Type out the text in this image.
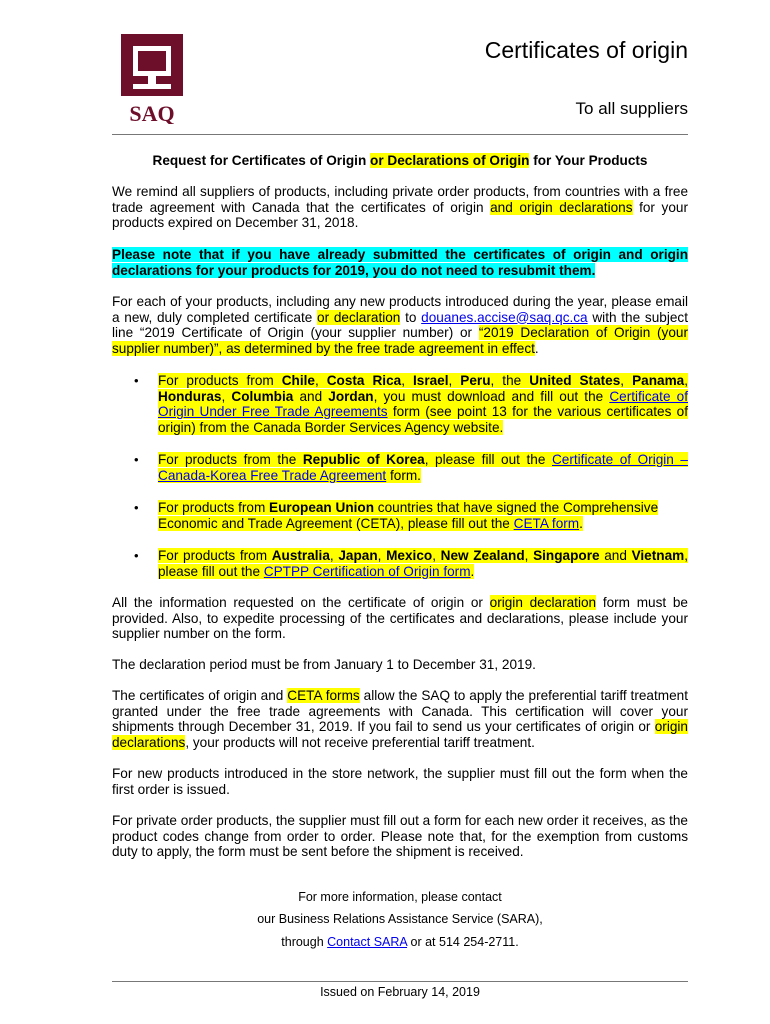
SAQ
Certificates of origin
To all suppliers
Request for Certificates of Origin or Declarations of Origin for Your Products
We remind all suppliers of products, including private order products, from countries with a free trade agreement with Canada that the certificates of origin and origin declarations for your products expired on December 31, 2018.
Please note that if you have already submitted the certificates of origin and origin declarations for your products for 2019, you do not need to resubmit them.
For each of your products, including any new products introduced during the year, please email a new, duly completed certificate or declaration to douanes.accise@saq.qc.ca with the subject line “2019 Certificate of Origin (your supplier number) or “2019 Declaration of Origin (your supplier number)”, as determined by the free trade agreement in effect.
• For products from Chile, Costa Rica, Israel, Peru, the United States, Panama, Honduras, Columbia and Jordan, you must download and fill out the Certificate of Origin Under Free Trade Agreements form (see point 13 for the various certificates of origin) from the Canada Border Services Agency website.
• For products from the Republic of Korea, please fill out the Certificate of Origin – Canada-Korea Free Trade Agreement form.
• For products from European Union countries that have signed the Comprehensive Economic and Trade Agreement (CETA), please fill out the CETA form.
• For products from Australia, Japan, Mexico, New Zealand, Singapore and Vietnam, please fill out the CPTPP Certification of Origin form.
All the information requested on the certificate of origin or origin declaration form must be provided. Also, to expedite processing of the certificates and declarations, please include your supplier number on the form.
The declaration period must be from January 1 to December 31, 2019.
The certificates of origin and CETA forms allow the SAQ to apply the preferential tariff treatment granted under the free trade agreements with Canada. This certification will cover your shipments through December 31, 2019. If you fail to send us your certificates of origin or origin declarations, your products will not receive preferential tariff treatment.
For new products introduced in the store network, the supplier must fill out the form when the first order is issued.
For private order products, the supplier must fill out a form for each new order it receives, as the product codes change from order to order. Please note that, for the exemption from customs duty to apply, the form must be sent before the shipment is received.
For more information, please contact
our Business Relations Assistance Service (SARA),
through Contact SARA or at 514 254-2711.
Issued on February 14, 2019
